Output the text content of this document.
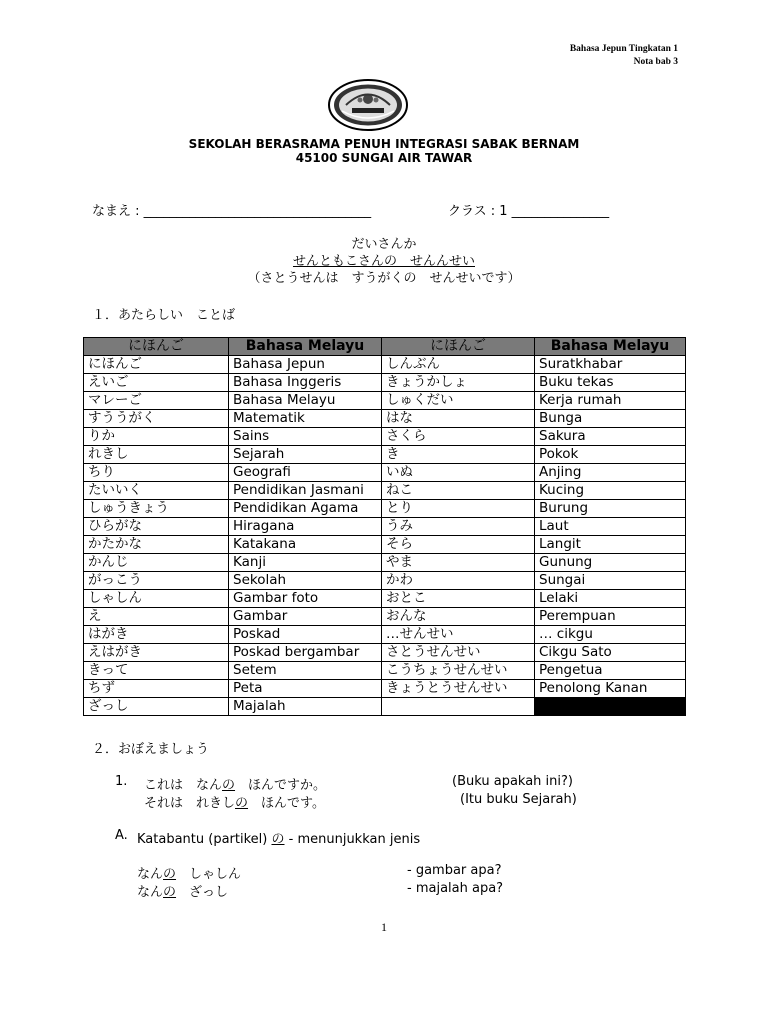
Bahasa Jepun Tingkatan 1
Nota bab 3
SEKOLAH BERASRAMA PENUH INTEGRASI SABAK BERNAM
45100 SUNGAI AIR TAWAR
なまえ : ___________________________________	クラス : 1 _______________
だいさんか
せんともこさんの　せんんせい
（さとうせんは　すうがくの　せんせいです）
１．あたらしい　ことば
にほんご	Bahasa Melayu	にほんご	Bahasa Melayu
にほんご	Bahasa Jepun	しんぶん	Suratkhabar
えいご	Bahasa Inggeris	きょうかしょ	Buku tekas
マレーご	Bahasa Melayu	しゅくだい	Kerja rumah
すううがく	Matematik	はな	Bunga
りか	Sains	さくら	Sakura
れきし	Sejarah	き	Pokok
ちり	Geografi	いぬ	Anjing
たいいく	Pendidikan Jasmani	ねこ	Kucing
しゅうきょう	Pendidikan Agama	とり	Burung
ひらがな	Hiragana	うみ	Laut
かたかな	Katakana	そら	Langit
かんじ	Kanji	やま	Gunung
がっこう	Sekolah	かわ	Sungai
しゃしん	Gambar foto	おとこ	Lelaki
え	Gambar	おんな	Perempuan
はがき	Poskad	…せんせい	… cikgu
えはがき	Poskad bergambar	さとうせんせい	Cikgu Sato
きって	Setem	こうちょうせんせい	Pengetua
ちず	Peta	きょうとうせんせい	Penolong Kanan
ざっし	Majalah		
２．おぼえましょう
1. これは　なんの　ほんですか。	(Buku apakah ini?)
それは　れきしの　ほんです。	(Itu buku Sejarah)
A. Katabantu (partikel) の - menunjukkan jenis
なんの　しゃしん	- gambar apa?
なんの　ざっし	- majalah apa?
1
